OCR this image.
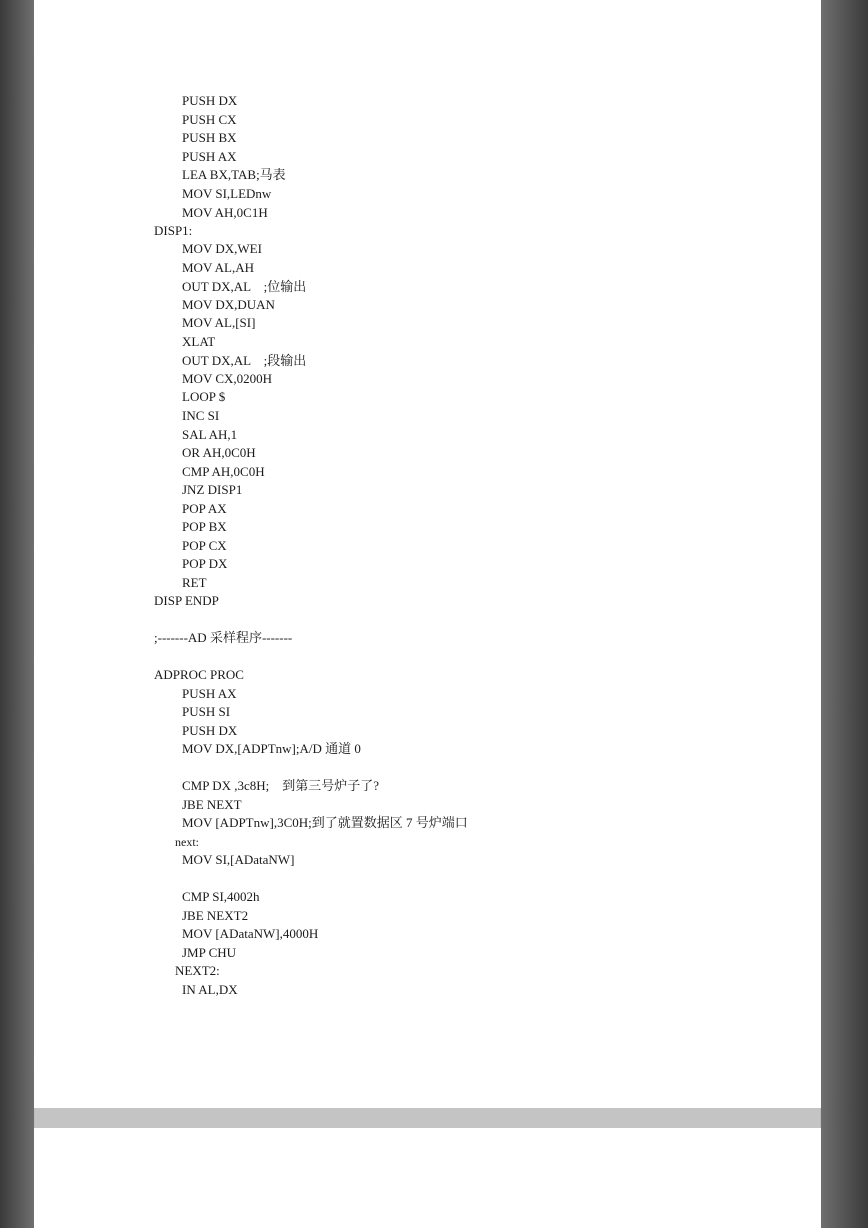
PUSH DX

PUSH CX

PUSH BX

PUSH AX

LEA BX,TAB;马表

MOV SI,LEDnw

MOV AH,0C1H

DISP1:

MOV DX,WEI

MOV AL,AH

OUT DX,AL    ;位输出

MOV DX,DUAN

MOV AL,[SI]

XLAT

OUT DX,AL    ;段输出

MOV CX,0200H

LOOP $

INC SI

SAL AH,1

OR AH,0C0H

CMP AH,0C0H

JNZ DISP1

POP AX

POP BX

POP CX

POP DX

RET

DISP ENDP

;-------AD 采样程序-------

ADPROC PROC

PUSH AX

PUSH SI

PUSH DX

MOV DX,[ADPTnw];A/D 通道 0

CMP DX ,3c8H;    到第三号炉子了?

JBE NEXT

MOV [ADPTnw],3C0H;到了就置数据区 7 号炉端口

next:

MOV SI,[ADataNW]

CMP SI,4002h

JBE NEXT2

MOV [ADataNW],4000H

JMP CHU

NEXT2:

IN AL,DX
